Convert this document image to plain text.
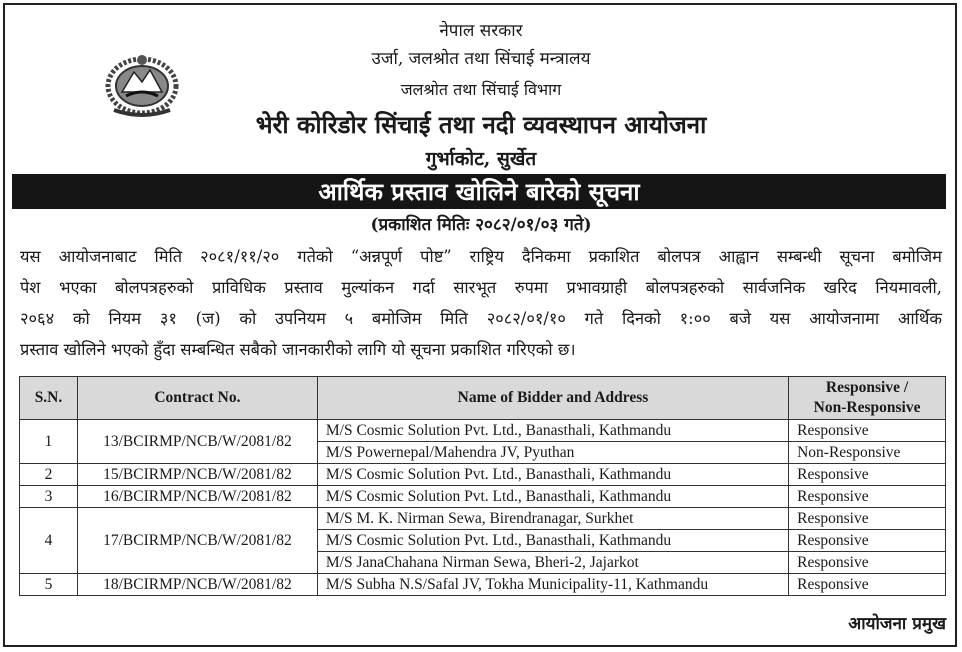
नेपाल सरकार
उर्जा, जलश्रोत तथा सिंचाई मन्त्रालय
जलश्रोत तथा सिंचाई विभाग
भेरी कोरिडोर सिंचाई तथा नदी व्यवस्थापन आयोजना
गुर्भाकोट, सुर्खेत
आर्थिक प्रस्ताव खोलिने बारेको सूचना
(प्रकाशित मितिः २०८२/०१/०३ गते)
यस आयोजनाबाट मिति २०८१/११/२० गतेको “अन्नपूर्ण पोष्ट” राष्ट्रिय दैनिकमा प्रकाशित बोलपत्र आह्वान सम्बन्धी सूचना बमोजिम
पेश भएका बोलपत्रहरुको प्राविधिक प्रस्ताव मुल्यांकन गर्दा सारभूत रुपमा प्रभावग्राही बोलपत्रहरुको सार्वजनिक खरिद नियमावली,
२०६४ को नियम ३१ (ज) को उपनियम ५ बमोजिम मिति २०८२/०१/१० गते दिनको १:०० बजे यस आयोजनामा आर्थिक
प्रस्ताव खोलिने भएको हुँदा सम्बन्धित सबैको जानकारीको लागि यो सूचना प्रकाशित गरिएको छ।
S.N.	Contract No.	Name of Bidder and Address	Responsive /
Non-Responsive
1	13/BCIRMP/NCB/W/2081/82	M/S Cosmic Solution Pvt. Ltd., Banasthali, Kathmandu	Responsive
		M/S Powernepal/Mahendra JV, Pyuthan	Non-Responsive
2	15/BCIRMP/NCB/W/2081/82	M/S Cosmic Solution Pvt. Ltd., Banasthali, Kathmandu	Responsive
3	16/BCIRMP/NCB/W/2081/82	M/S Cosmic Solution Pvt. Ltd., Banasthali, Kathmandu	Responsive
4	17/BCIRMP/NCB/W/2081/82	M/S M. K. Nirman Sewa, Birendranagar, Surkhet	Responsive
		M/S Cosmic Solution Pvt. Ltd., Banasthali, Kathmandu	Responsive
		M/S JanaChahana Nirman Sewa, Bheri-2, Jajarkot	Responsive
5	18/BCIRMP/NCB/W/2081/82	M/S Subha N.S/Safal JV, Tokha Municipality-11, Kathmandu	Responsive
आयोजना प्रमुख
